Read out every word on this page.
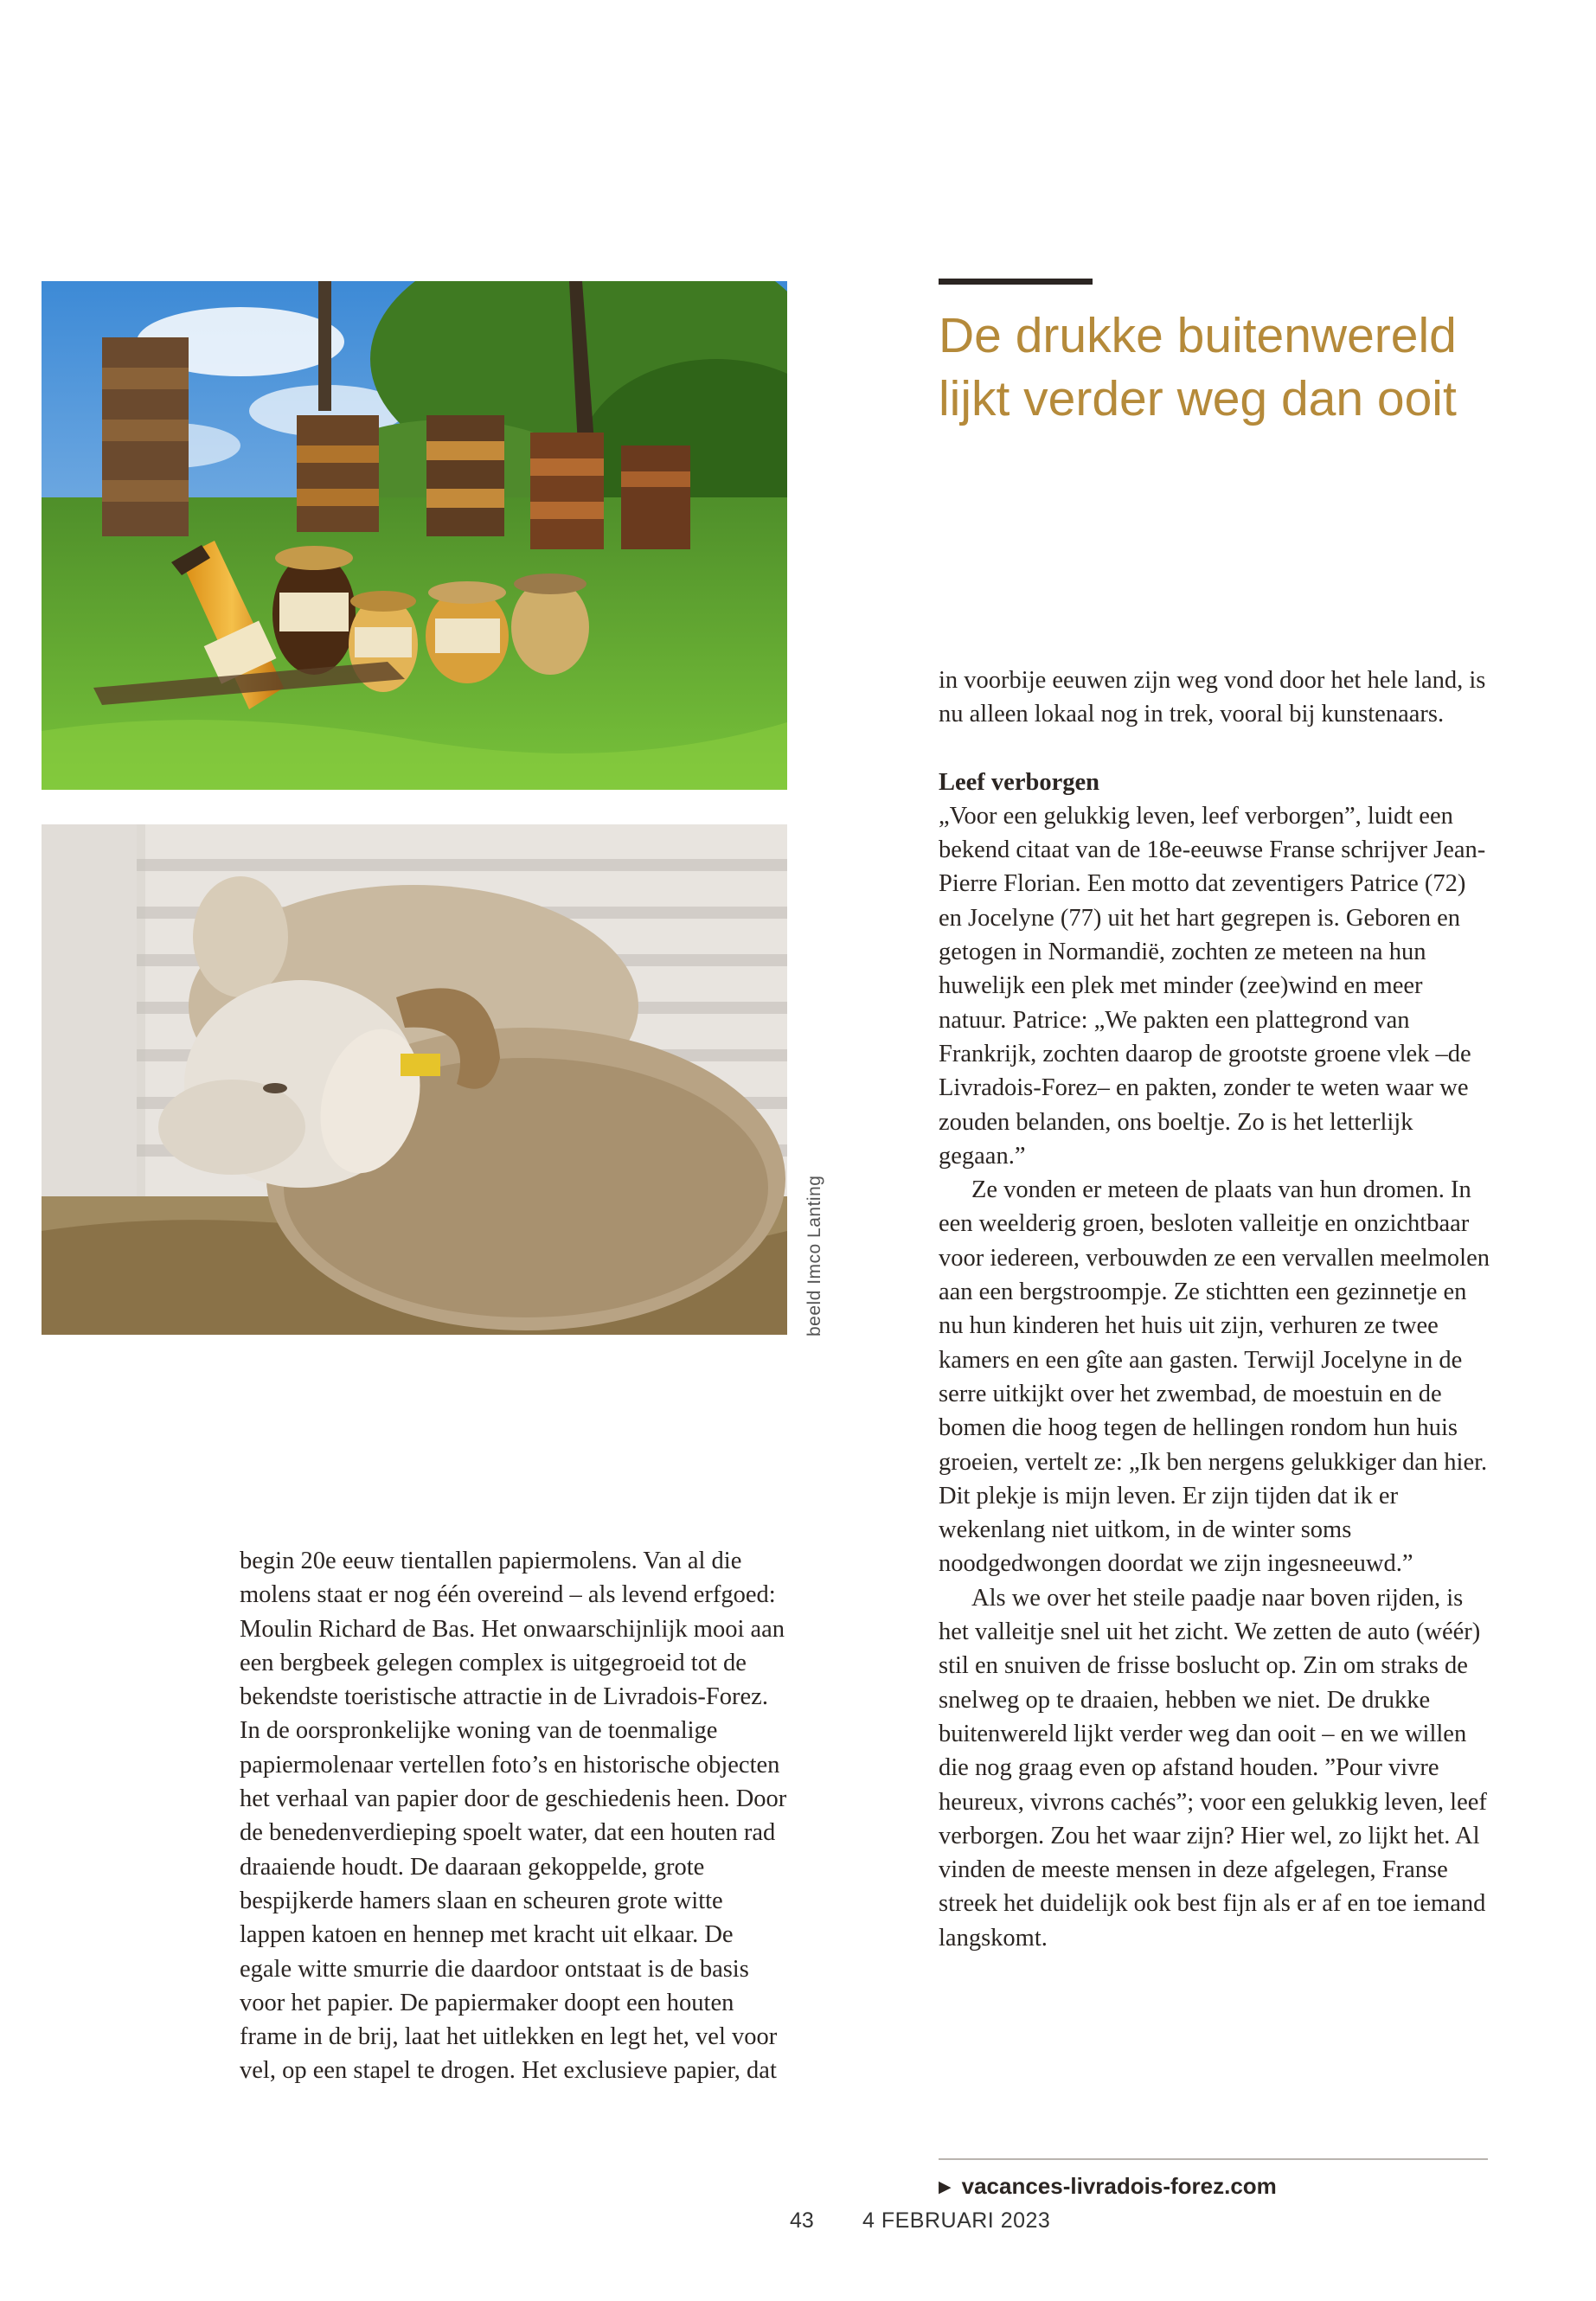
beeld Imco Lanting
De drukke buitenwereld lijkt verder weg dan ooit

in voorbije eeuwen zijn weg vond door het hele land, is nu alleen lokaal nog in trek, vooral bij kunstenaars.

Leef verborgen

„Voor een gelukkig leven, leef verborgen”, luidt een bekend citaat van de 18e-eeuwse Franse schrijver Jean-Pierre Florian. Een motto dat zeventigers Patrice (72) en Jocelyne (77) uit het hart gegrepen is. Geboren en getogen in Normandië, zochten ze meteen na hun huwelijk een plek met minder (zee)wind en meer natuur. Patrice: „We pakten een plattegrond van Frankrijk, zochten daarop de grootste groene vlek –de Livradois-Forez– en pakten, zonder te weten waar we zouden belanden, ons boeltje. Zo is het letterlijk gegaan.”

Ze vonden er meteen de plaats van hun dromen. In een weelderig groen, besloten valleitje en onzichtbaar voor iedereen, verbouwden ze een vervallen meelmolen aan een bergstroompje. Ze stichtten een gezinnetje en nu hun kinderen het huis uit zijn, verhuren ze twee kamers en een gîte aan gasten. Terwijl Jocelyne in de serre uitkijkt over het zwembad, de moestuin en de bomen die hoog tegen de hellingen rondom hun huis groeien, vertelt ze: „Ik ben nergens gelukkiger dan hier. Dit plekje is mijn leven. Er zijn tijden dat ik er wekenlang niet uitkom, in de winter soms noodgedwongen doordat we zijn ingesneeuwd.”

Als we over het steile paadje naar boven rijden, is het valleitje snel uit het zicht. We zetten de auto (wéér) stil en snuiven de frisse boslucht op. Zin om straks de snelweg op te draaien, hebben we niet. De drukke buitenwereld lijkt verder weg dan ooit – en we willen die nog graag even op afstand houden. ”Pour vivre heureux, vivrons cachés”; voor een gelukkig leven, leef verborgen. Zou het waar zijn? Hier wel, zo lijkt het. Al vinden de meeste mensen in deze afgelegen, Franse streek het duidelijk ook best fijn als er af en toe iemand langskomt.

begin 20e eeuw tientallen papiermolens. Van al die molens staat er nog één overeind – als levend erfgoed: Moulin Richard de Bas. Het onwaarschijnlijk mooi aan een bergbeek gelegen complex is uitgegroeid tot de bekendste toeristische attractie in de Livradois-Forez. In de oorspronkelijke woning van de toenmalige papiermolenaar vertellen foto’s en historische objecten het verhaal van papier door de geschiedenis heen. Door de benedenverdieping spoelt water, dat een houten rad draaiende houdt. De daaraan gekoppelde, grote bespijkerde hamers slaan en scheuren grote witte lappen katoen en hennep met kracht uit elkaar. De egale witte smurrie die daardoor ontstaat is de basis voor het papier. De papiermaker doopt een houten frame in de brij, laat het uitlekken en legt het, vel voor vel, op een stapel te drogen. Het exclusieve papier, dat

▶ vacances-livradois-forez.com
43 4 FEBRUARI 2023
